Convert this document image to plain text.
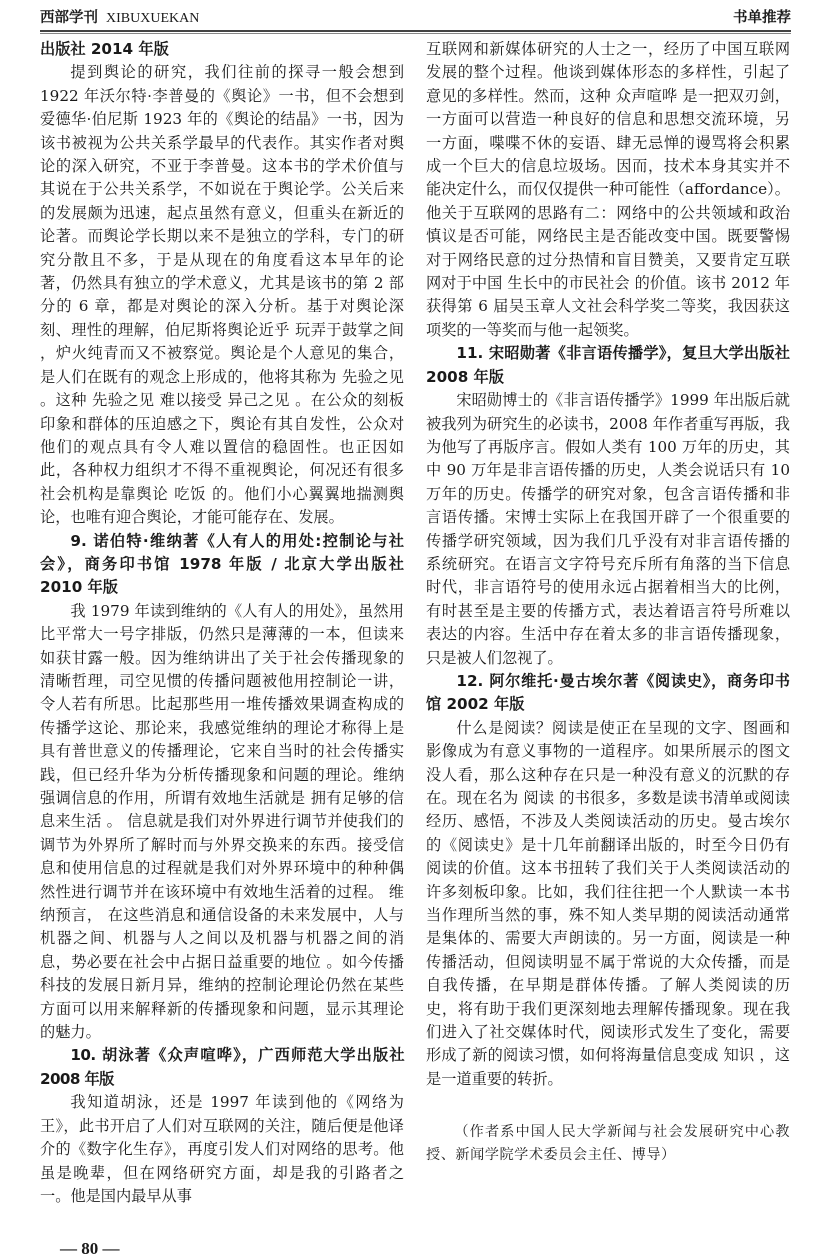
西部学刊 XIBUXUEKAN	书单推荐
出版社 2014 年版

提到舆论的研究，我们往前的探寻一般会想到 1922 年沃尔特·李普曼的《舆论》一书，但不会想到爱德华·伯尼斯 1923 年的《舆论的结晶》一书，因为该书被视为公共关系学最早的代表作。其实作者对舆论的深入研究，不亚于李普曼。这本书的学术价值与其说在于公共关系学，不如说在于舆论学。公关后来的发展颇为迅速，起点虽然有意义，但重头在新近的论著。而舆论学长期以来不是独立的学科，专门的研究分散且不多，于是从现在的角度看这本早年的论著，仍然具有独立的学术意义，尤其是该书的第 2 部分的 6 章，都是对舆论的深入分析。基于对舆论深刻、理性的理解，伯尼斯将舆论近乎 玩弄于鼓掌之间 ，炉火纯青而又不被察觉。舆论是个人意见的集合，是人们在既有的观念上形成的，他将其称为 先验之见 。这种 先验之见 难以接受 异己之见 。在公众的刻板印象和群体的压迫感之下，舆论有其自发性，公众对他们的观点具有令人难以置信的稳固性。也正因如此，各种权力组织才不得不重视舆论，何况还有很多社会机构是靠舆论 吃饭 的。他们小心翼翼地揣测舆论，也唯有迎合舆论，才能可能存在、发展。

9. 诺伯特·维纳著《人有人的用处:控制论与社会》，商务印书馆 1978 年版 / 北京大学出版社 2010 年版

我 1979 年读到维纳的《人有人的用处》，虽然用比平常大一号字排版，仍然只是薄薄的一本，但读来如获甘露一般。因为维纳讲出了关于社会传播现象的清晰哲理，司空见惯的传播问题被他用控制论一讲，令人若有所思。比起那些用一堆传播效果调查构成的传播学这论、那论来，我感觉维纳的理论才称得上是具有普世意义的传播理论，它来自当时的社会传播实践，但已经升华为分析传播现象和问题的理论。维纳强调信息的作用，所谓有效地生活就是 拥有足够的信息来生活 。 信息就是我们对外界进行调节并使我们的调节为外界所了解时而与外界交换来的东西。接受信息和使用信息的过程就是我们对外界环境中的种种偶然性进行调节并在该环境中有效地生活着的过程。 维纳预言， 在这些消息和通信设备的未来发展中，人与机器之间、机器与人之间以及机器与机器之间的消息，势必要在社会中占据日益重要的地位 。如今传播科技的发展日新月异，维纳的控制论理论仍然在某些方面可以用来解释新的传播现象和问题，显示其理论的魅力。

10. 胡泳著《众声喧哗》，广西师范大学出版社 2008 年版

我知道胡泳，还是 1997 年读到他的《网络为王》，此书开启了人们对互联网的关注，随后便是他译介的《数字化生存》，再度引发人们对网络的思考。他虽是晚辈，但在网络研究方面，却是我的引路者之一。他是国内最早从事

— 80 —

互联网和新媒体研究的人士之一，经历了中国互联网发展的整个过程。他谈到媒体形态的多样性，引起了意见的多样性。然而，这种 众声喧哗 是一把双刃剑，一方面可以营造一种良好的信息和思想交流环境，另一方面，喋喋不休的妄语、肆无忌惮的谩骂将会积累成一个巨大的信息垃圾场。因而，技术本身其实并不能决定什么，而仅仅提供一种可能性（affordance）。他关于互联网的思路有二：网络中的公共领域和政治慎议是否可能，网络民主是否能改变中国。既要警惕对于网络民意的过分热情和盲目赞美，又要肯定互联网对于中国 生长中的市民社会 的价值。该书 2012 年获得第 6 届吴玉章人文社会科学奖二等奖，我因获这项奖的一等奖而与他一起领奖。

11. 宋昭勋著《非言语传播学》，复旦大学出版社 2008 年版

宋昭勋博士的《非言语传播学》1999 年出版后就被我列为研究生的必读书，2008 年作者重写再版，我为他写了再版序言。假如人类有 100 万年的历史，其中 90 万年是非言语传播的历史，人类会说话只有 10 万年的历史。传播学的研究对象，包含言语传播和非言语传播。宋博士实际上在我国开辟了一个很重要的传播学研究领域，因为我们几乎没有对非言语传播的系统研究。在语言文字符号充斥所有角落的当下信息时代，非言语符号的使用永远占据着相当大的比例，有时甚至是主要的传播方式，表达着语言符号所难以表达的内容。生活中存在着太多的非言语传播现象，只是被人们忽视了。

12. 阿尔维托·曼古埃尔著《阅读史》，商务印书馆 2002 年版

什么是阅读？阅读是使正在呈现的文字、图画和影像成为有意义事物的一道程序。如果所展示的图文没人看，那么这种存在只是一种没有意义的沉默的存在。现在名为 阅读 的书很多，多数是读书清单或阅读经历、感悟，不涉及人类阅读活动的历史。曼古埃尔的《阅读史》是十几年前翻译出版的，时至今日仍有阅读的价值。这本书扭转了我们关于人类阅读活动的许多刻板印象。比如，我们往往把一个人默读一本书当作理所当然的事，殊不知人类早期的阅读活动通常是集体的、需要大声朗读的。另一方面，阅读是一种传播活动，但阅读明显不属于常说的大众传播，而是自我传播，在早期是群体传播。了解人类阅读的历史，将有助于我们更深刻地去理解传播现象。现在我们进入了社交媒体时代，阅读形式发生了变化，需要形成了新的阅读习惯，如何将海量信息变成 知识 ，这是一道重要的转折。

（作者系中国人民大学新闻与社会发展研究中心教授、新闻学院学术委员会主任、博导）
